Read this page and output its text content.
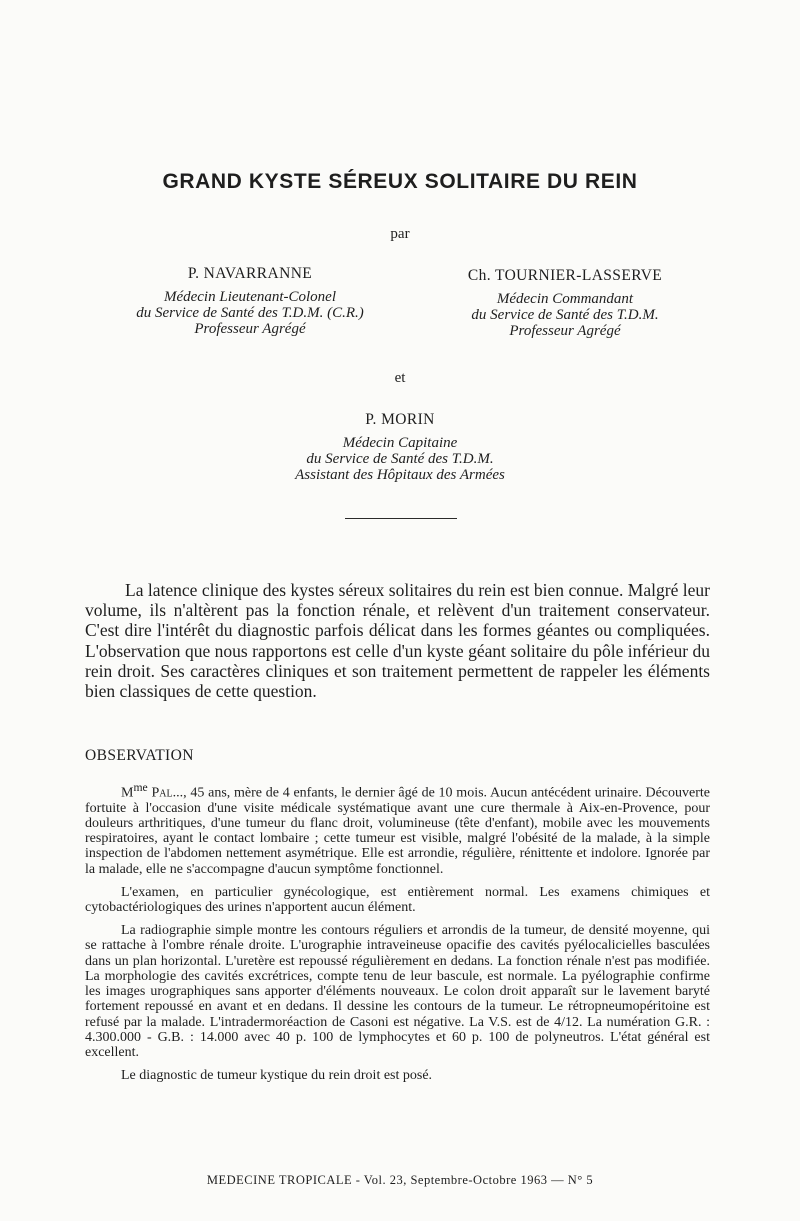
GRAND KYSTE SÉREUX SOLITAIRE DU REIN
par
P. NAVARRANNE
Médecin Lieutenant-Colonel
du Service de Santé des T.D.M. (C.R.)
Professeur Agrégé
Ch. TOURNIER-LASSERVE
Médecin Commandant
du Service de Santé des T.D.M.
Professeur Agrégé
et
P. MORIN
Médecin Capitaine
du Service de Santé des T.D.M.
Assistant des Hôpitaux des Armées

La latence clinique des kystes séreux solitaires du rein est bien connue. Malgré leur volume, ils n'altèrent pas la fonction rénale, et relèvent d'un traitement conservateur. C'est dire l'intérêt du diagnostic parfois délicat dans les formes géantes ou compliquées. L'observation que nous rapportons est celle d'un kyste géant solitaire du pôle inférieur du rein droit. Ses caractères cliniques et son traitement permettent de rappeler les éléments bien classiques de cette question.

OBSERVATION

$M^{me}$ Pal..., 45 ans, mère de 4 enfants, le dernier âgé de 10 mois. Aucun antécédent urinaire. Découverte fortuite à l'occasion d'une visite médicale systématique avant une cure thermale à Aix-en-Provence, pour douleurs arthritiques, d'une tumeur du flanc droit, volumineuse (tête d'enfant), mobile avec les mouvements respiratoires, ayant le contact lombaire ; cette tumeur est visible, malgré l'obésité de la malade, à la simple inspection de l'abdomen nettement asymétrique. Elle est arrondie, régulière, rénittente et indolore. Ignorée par la malade, elle ne s'accompagne d'aucun symptôme fonctionnel.

L'examen, en particulier gynécologique, est entièrement normal. Les examens chimiques et cytobactériologiques des urines n'apportent aucun élément.

La radiographie simple montre les contours réguliers et arrondis de la tumeur, de densité moyenne, qui se rattache à l'ombre rénale droite. L'urographie intraveineuse opacifie des cavités pyélocalicielles basculées dans un plan horizontal. L'uretère est repoussé régulièrement en dedans. La fonction rénale n'est pas modifiée. La morphologie des cavités excrétrices, compte tenu de leur bascule, est normale. La pyélographie confirme les images urographiques sans apporter d'éléments nouveaux. Le colon droit apparaît sur le lavement baryté fortement repoussé en avant et en dedans. Il dessine les contours de la tumeur. Le rétropneumopéritoine est refusé par la malade. L'intradermoréaction de Casoni est négative. La V.S. est de 4/12. La numération G.R. : 4.300.000 - G.B. : 14.000 avec 40 p. 100 de lymphocytes et 60 p. 100 de polyneutros. L'état général est excellent.

Le diagnostic de tumeur kystique du rein droit est posé.

MEDECINE TROPICALE - Vol. 23, Septembre-Octobre 1963 — N° 5
